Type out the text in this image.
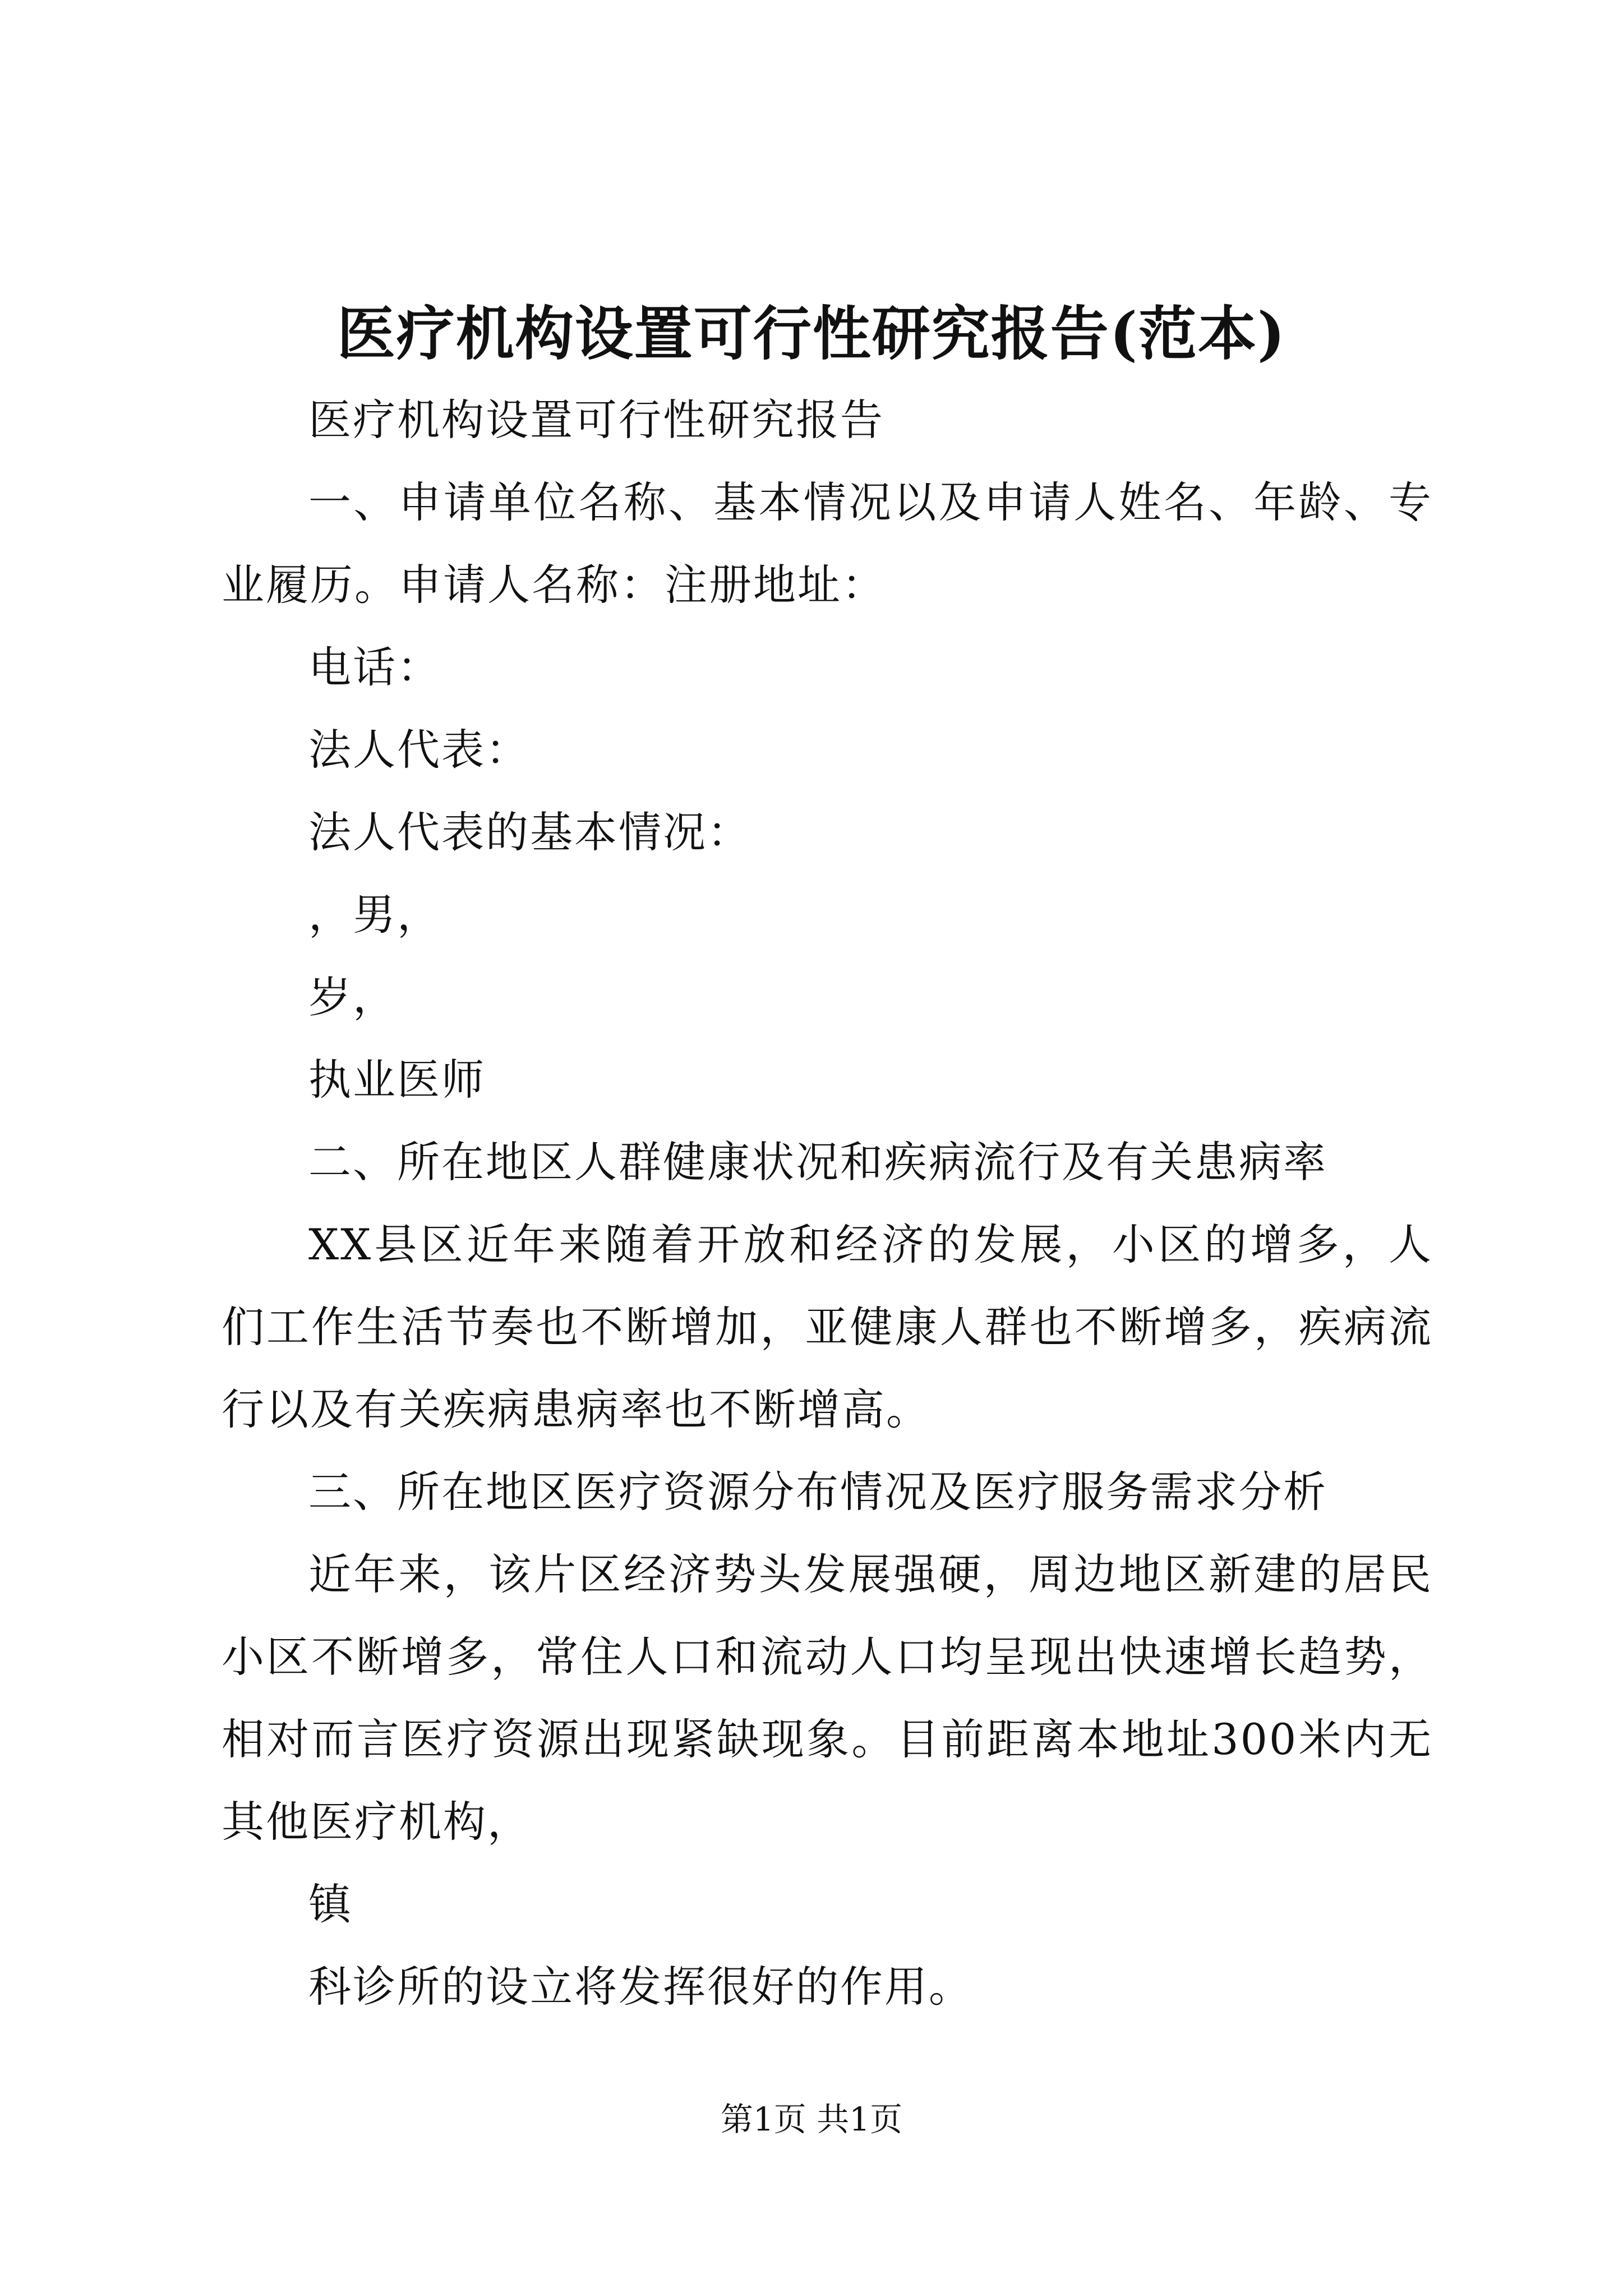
医疗机构设置可行性研究报告(范本)

医疗机构设置可行性研究报告

一、申请单位名称、基本情况以及申请人姓名、年龄、专业履历。申请人名称：注册地址：

电话：

法人代表：

法人代表的基本情况：

，男，

岁，

执业医师

二、所在地区人群健康状况和疾病流行及有关患病率

XX县区近年来随着开放和经济的发展，小区的增多，人们工作生活节奏也不断增加，亚健康人群也不断增多，疾病流行以及有关疾病患病率也不断增高。

三、所在地区医疗资源分布情况及医疗服务需求分析

近年来，该片区经济势头发展强硬，周边地区新建的居民小区不断增多，常住人口和流动人口均呈现出快速增长趋势，相对而言医疗资源出现紧缺现象。目前距离本地址300米内无其他医疗机构，

镇

科诊所的设立将发挥很好的作用。

第1页 共1页
